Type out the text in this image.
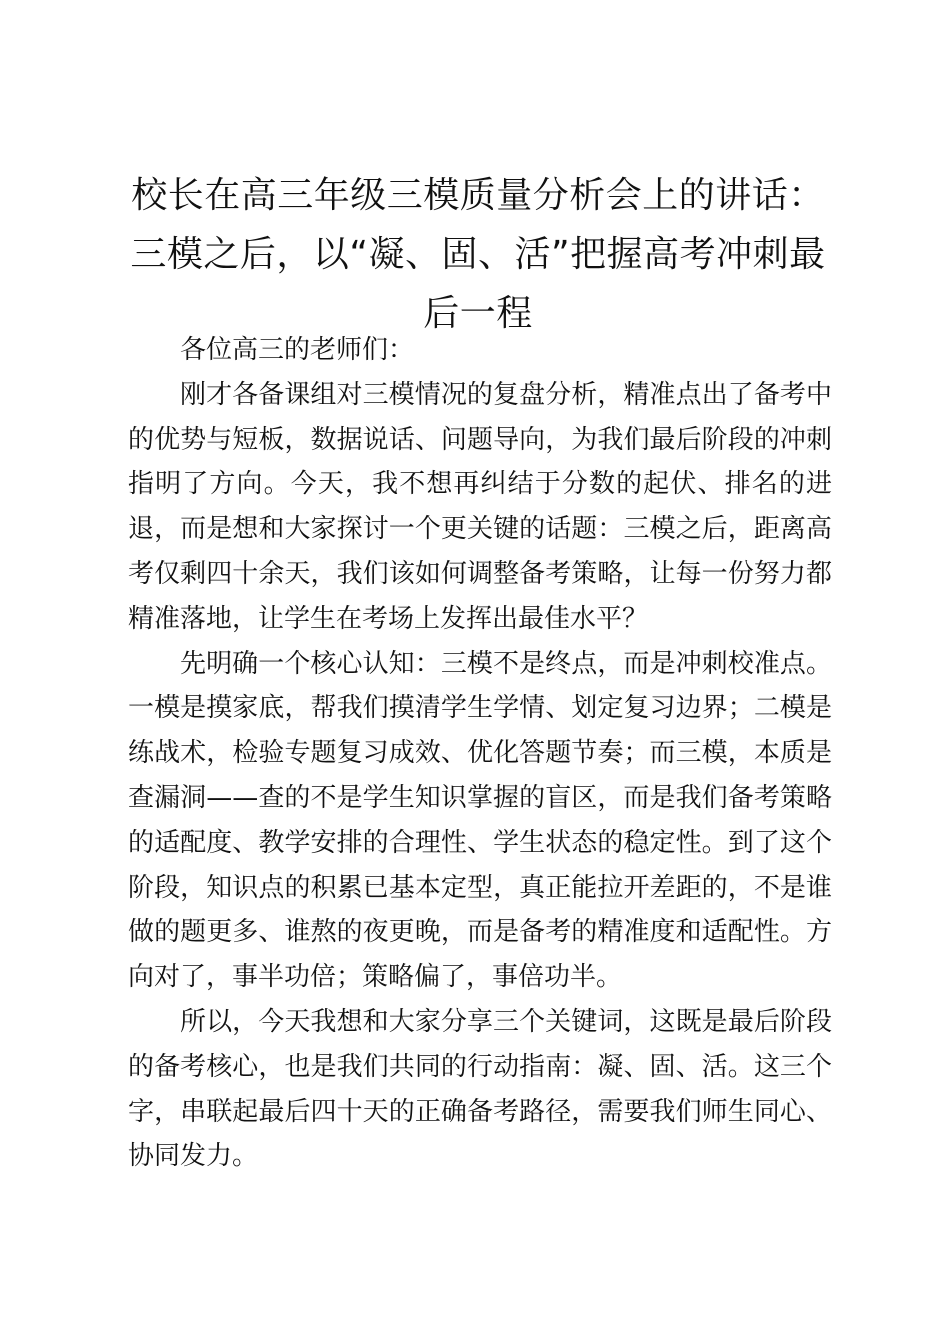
校长在高三年级三模质量分析会上的讲话：三模之后，以“凝、固、活”把握高考冲刺最后一程

各位高三的老师们：

刚才各备课组对三模情况的复盘分析，精准点出了备考中的优势与短板，数据说话、问题导向，为我们最后阶段的冲刺指明了方向。今天，我不想再纠结于分数的起伏、排名的进退，而是想和大家探讨一个更关键的话题：三模之后，距离高考仅剩四十余天，我们该如何调整备考策略，让每一份努力都精准落地，让学生在考场上发挥出最佳水平？

先明确一个核心认知：三模不是终点，而是冲刺校准点。一模是摸家底，帮我们摸清学生学情、划定复习边界；二模是练战术，检验专题复习成效、优化答题节奏；而三模，本质是查漏洞——查的不是学生知识掌握的盲区，而是我们备考策略的适配度、教学安排的合理性、学生状态的稳定性。到了这个阶段，知识点的积累已基本定型，真正能拉开差距的，不是谁做的题更多、谁熬的夜更晚，而是备考的精准度和适配性。方向对了，事半功倍；策略偏了，事倍功半。

所以，今天我想和大家分享三个关键词，这既是最后阶段的备考核心，也是我们共同的行动指南：凝、固、活。这三个字，串联起最后四十天的正确备考路径，需要我们师生同心、协同发力。
